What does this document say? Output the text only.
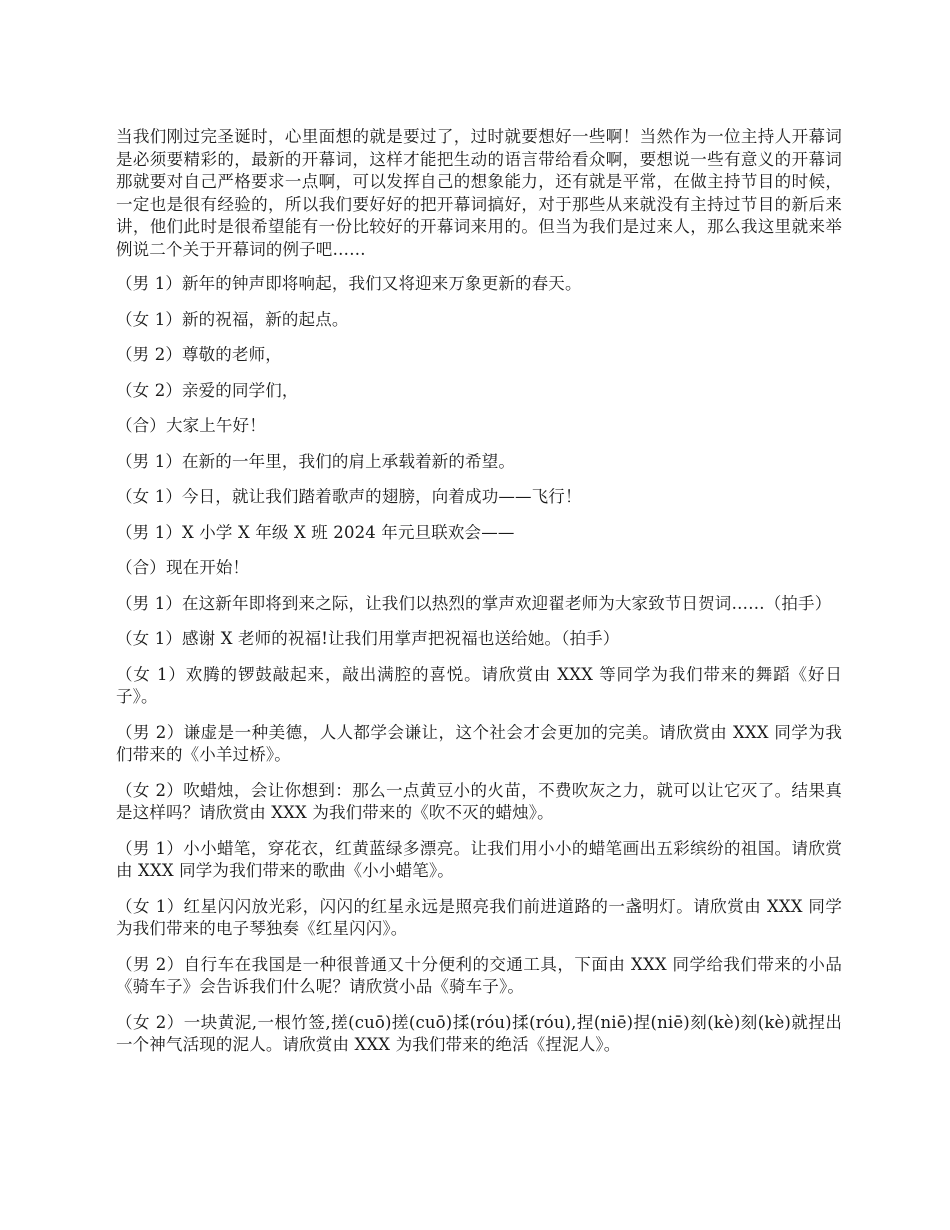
当我们刚过完圣诞时，心里面想的就是要过了，过时就要想好一些啊！当然作为一位主持人开幕词是必须要精彩的，最新的开幕词，这样才能把生动的语言带给看众啊，要想说一些有意义的开幕词那就要对自己严格要求一点啊，可以发挥自己的想象能力，还有就是平常，在做主持节目的时候，一定也是很有经验的，所以我们要好好的把开幕词搞好，对于那些从来就没有主持过节目的新后来讲，他们此时是很希望能有一份比较好的开幕词来用的。但当为我们是过来人，那么我这里就来举例说二个关于开幕词的例子吧……

（男 1）新年的钟声即将响起，我们又将迎来万象更新的春天。

（女 1）新的祝福，新的起点。

（男 2）尊敬的老师，

（女 2）亲爱的同学们，

（合）大家上午好！

（男 1）在新的一年里，我们的肩上承载着新的希望。

（女 1）今日，就让我们踏着歌声的翅膀，向着成功——飞行！

（男 1）X 小学 X 年级 X 班 2024 年元旦联欢会——

（合）现在开始！

（男 1）在这新年即将到来之际，让我们以热烈的掌声欢迎翟老师为大家致节日贺词……（拍手）

（女 1）感谢 X 老师的祝福!让我们用掌声把祝福也送给她。（拍手）

（女 1）欢腾的锣鼓敲起来，敲出满腔的喜悦。请欣赏由 XXX 等同学为我们带来的舞蹈《好日子》。

（男 2）谦虚是一种美德，人人都学会谦让，这个社会才会更加的完美。请欣赏由 XXX 同学为我们带来的《小羊过桥》。

（女 2）吹蜡烛，会让你想到：那么一点黄豆小的火苗，不费吹灰之力，就可以让它灭了。结果真是这样吗？请欣赏由 XXX 为我们带来的《吹不灭的蜡烛》。

（男 1）小小蜡笔，穿花衣，红黄蓝绿多漂亮。让我们用小小的蜡笔画出五彩缤纷的祖国。请欣赏由 XXX 同学为我们带来的歌曲《小小蜡笔》。

（女 1）红星闪闪放光彩，闪闪的红星永远是照亮我们前进道路的一盏明灯。请欣赏由 XXX 同学为我们带来的电子琴独奏《红星闪闪》。

（男 2）自行车在我国是一种很普通又十分便利的交通工具，下面由 XXX 同学给我们带来的小品《骑车子》会告诉我们什么呢？请欣赏小品《骑车子》。

（女 2）一块黄泥,一根竹签,搓(cuō)搓(cuō)揉(róu)揉(róu),捏(niē)捏(niē)刻(kè)刻(kè)就捏出一个神气活现的泥人。请欣赏由 XXX 为我们带来的绝活《捏泥人》。
